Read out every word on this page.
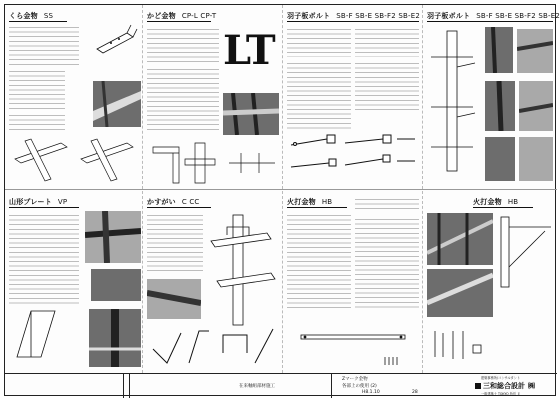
くら金物 SS	かど金物 CP-L CP-T
LT
羽子板ボルト SB-F SB-E SB-F2 SB-E2 羽子板ボルト SB-F SB-E SB-F2 SB-E2
山形プレート VP	かすがい C CC	火打金物 HB	火打金物 HB
在来軸組部材施工
Zマーク金物
各部上の使用 (2)
H8.1.10	28
建築事務所/コンサルタント
三和総合設計 ㈱
一級建築士 TOKYO 所長 Ｅ
